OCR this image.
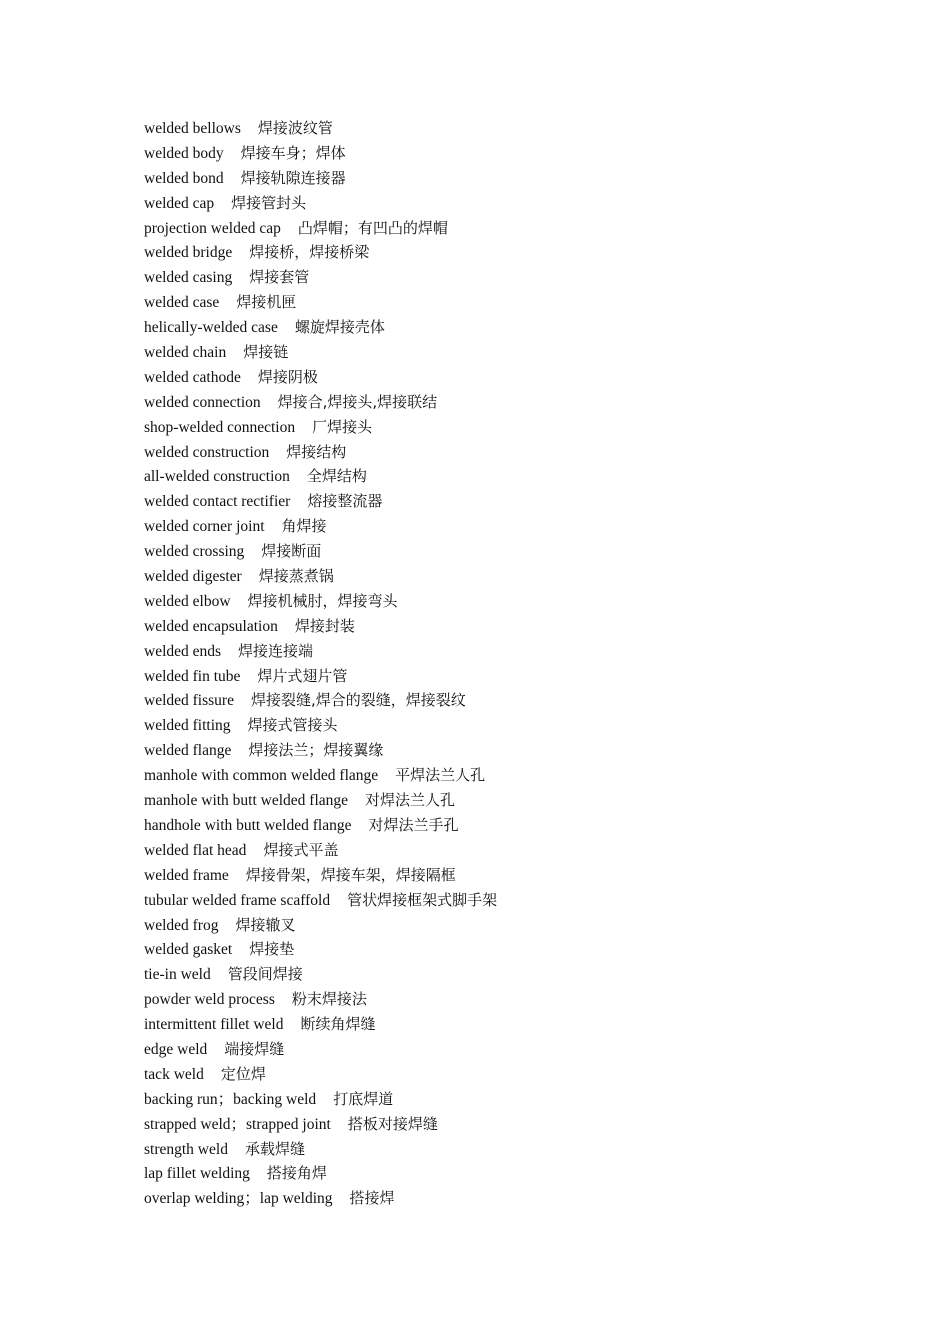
welded bellows 焊接波纹管
welded body 焊接车身；焊体
welded bond 焊接轨隙连接器
welded cap 焊接管封头
projection welded cap 凸焊帽；有凹凸的焊帽
welded bridge 焊接桥，焊接桥梁
welded casing 焊接套管
welded case 焊接机匣
helically-welded case 螺旋焊接壳体
welded chain 焊接链
welded cathode 焊接阴极
welded connection 焊接合,焊接头,焊接联结
shop-welded connection 厂焊接头
welded construction 焊接结构
all-welded construction 全焊结构
welded contact rectifier 熔接整流器
welded corner joint 角焊接
welded crossing 焊接断面
welded digester 焊接蒸煮锅
welded elbow 焊接机械肘，焊接弯头
welded encapsulation 焊接封装
welded ends 焊接连接端
welded fin tube 焊片式翅片管
welded fissure 焊接裂缝,焊合的裂缝，焊接裂纹
welded fitting 焊接式管接头
welded flange 焊接法兰；焊接翼缘
manhole with common welded flange 平焊法兰人孔
manhole with butt welded flange 对焊法兰人孔
handhole with butt welded flange 对焊法兰手孔
welded flat head 焊接式平盖
welded frame 焊接骨架，焊接车架，焊接隔框
tubular welded frame scaffold 管状焊接框架式脚手架
welded frog 焊接辙叉
welded gasket 焊接垫
tie-in weld 管段间焊接
powder weld process 粉末焊接法
intermittent fillet weld 断续角焊缝
edge weld 端接焊缝
tack weld 定位焊
backing run；backing weld 打底焊道
strapped weld；strapped joint 搭板对接焊缝
strength weld 承载焊缝
lap fillet welding 搭接角焊
overlap welding；lap welding 搭接焊
